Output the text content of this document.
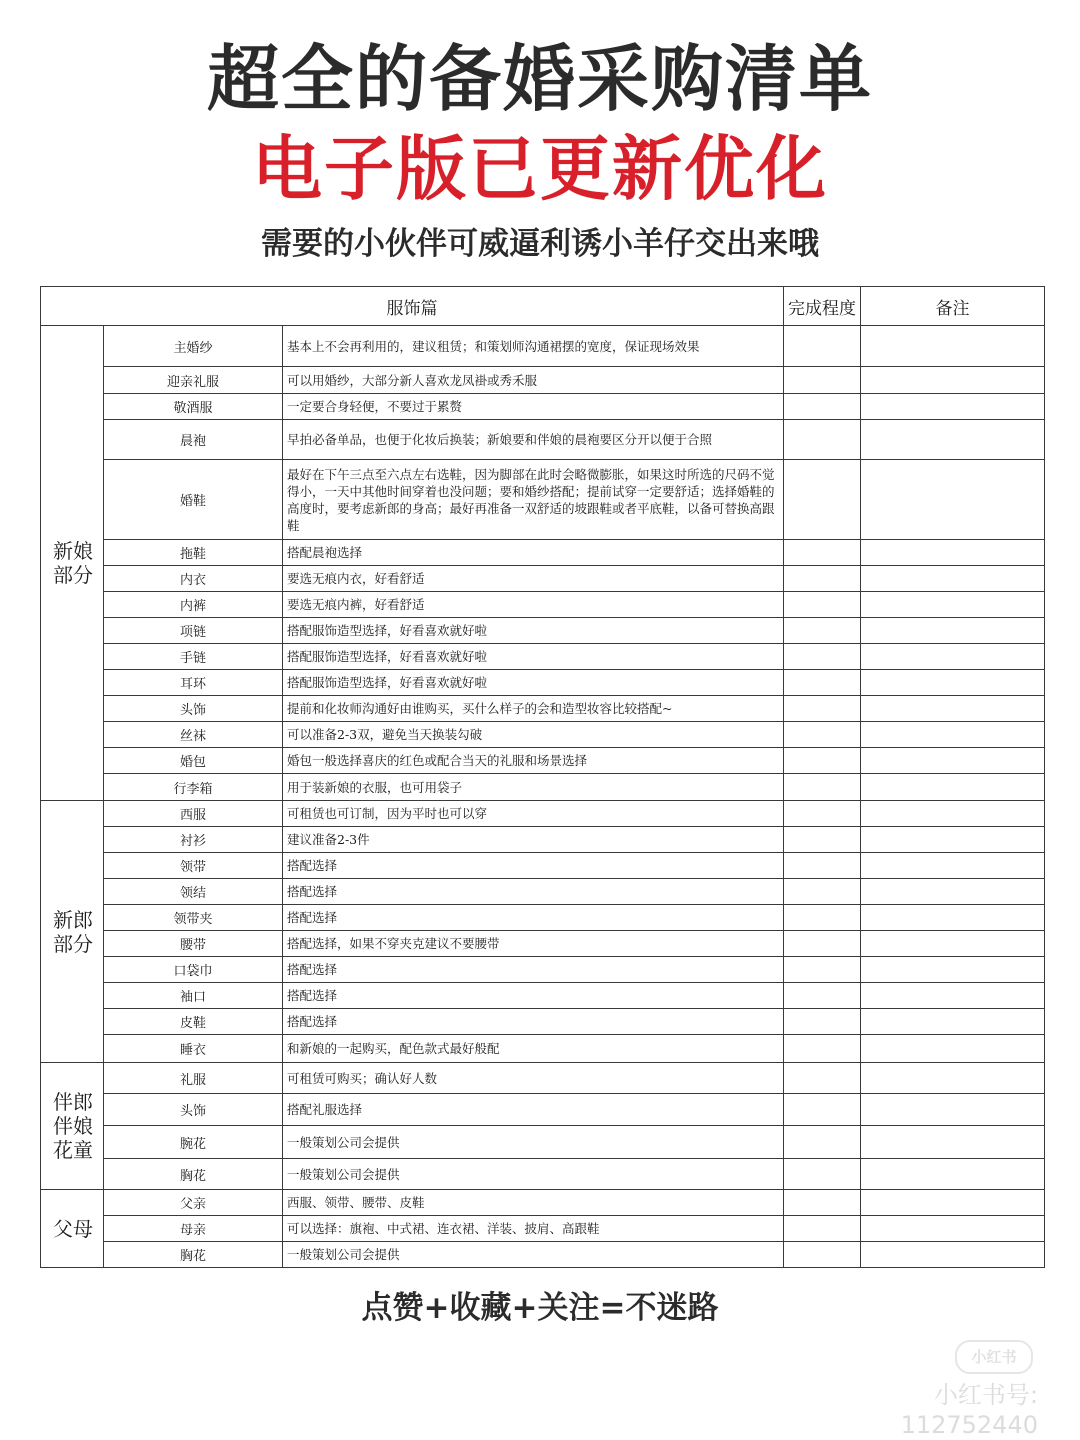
超全的备婚采购清单
电子版已更新优化
需要的小伙伴可威逼利诱小羊仔交出来哦
服饰篇			完成程度	备注

新娘
部分	主婚纱	基本上不会再利用的，建议租赁；和策划师沟通裙摆的宽度，保证现场效果		
	迎亲礼服	可以用婚纱，大部分新人喜欢龙凤褂或秀禾服		
	敬酒服	一定要合身轻便，不要过于累赘		
	晨袍	早拍必备单品，也便于化妆后换装；新娘要和伴娘的晨袍要区分开以便于合照		
	婚鞋	最好在下午三点至六点左右选鞋，因为脚部在此时会略微膨胀，如果这时所选的尺码不觉得小，一天中其他时间穿着也没问题；要和婚纱搭配；提前试穿一定要舒适；选择婚鞋的高度时，要考虑新郎的身高；最好再准备一双舒适的坡跟鞋或者平底鞋，以备可替换高跟鞋		
	拖鞋	搭配晨袍选择		
	内衣	要选无痕内衣，好看舒适		
	内裤	要选无痕内裤，好看舒适		
	项链	搭配服饰造型选择，好看喜欢就好啦		
	手链	搭配服饰造型选择，好看喜欢就好啦		
	耳环	搭配服饰造型选择，好看喜欢就好啦		
	头饰	提前和化妆师沟通好由谁购买，买什么样子的会和造型妆容比较搭配~		
	丝袜	可以准备2-3双，避免当天换装勾破		
	婚包	婚包一般选择喜庆的红色或配合当天的礼服和场景选择		
	行李箱	用于装新娘的衣服，也可用袋子		

新郎
部分	西服	可租赁也可订制，因为平时也可以穿		
	衬衫	建议准备2-3件		
	领带	搭配选择		
	领结	搭配选择		
	领带夹	搭配选择		
	腰带	搭配选择，如果不穿夹克建议不要腰带		
	口袋巾	搭配选择		
	袖口	搭配选择		
	皮鞋	搭配选择		
	睡衣	和新娘的一起购买，配色款式最好般配		

伴郎
伴娘
花童	礼服	可租赁可购买；确认好人数		
	头饰	搭配礼服选择		
	腕花	一般策划公司会提供		
	胸花	一般策划公司会提供		

父母	父亲	西服、领带、腰带、皮鞋		
	母亲	可以选择：旗袍、中式裙、连衣裙、洋装、披肩、高跟鞋		
	胸花	一般策划公司会提供		
点赞+收藏+关注=不迷路
小红书
小红书号: 112752440
